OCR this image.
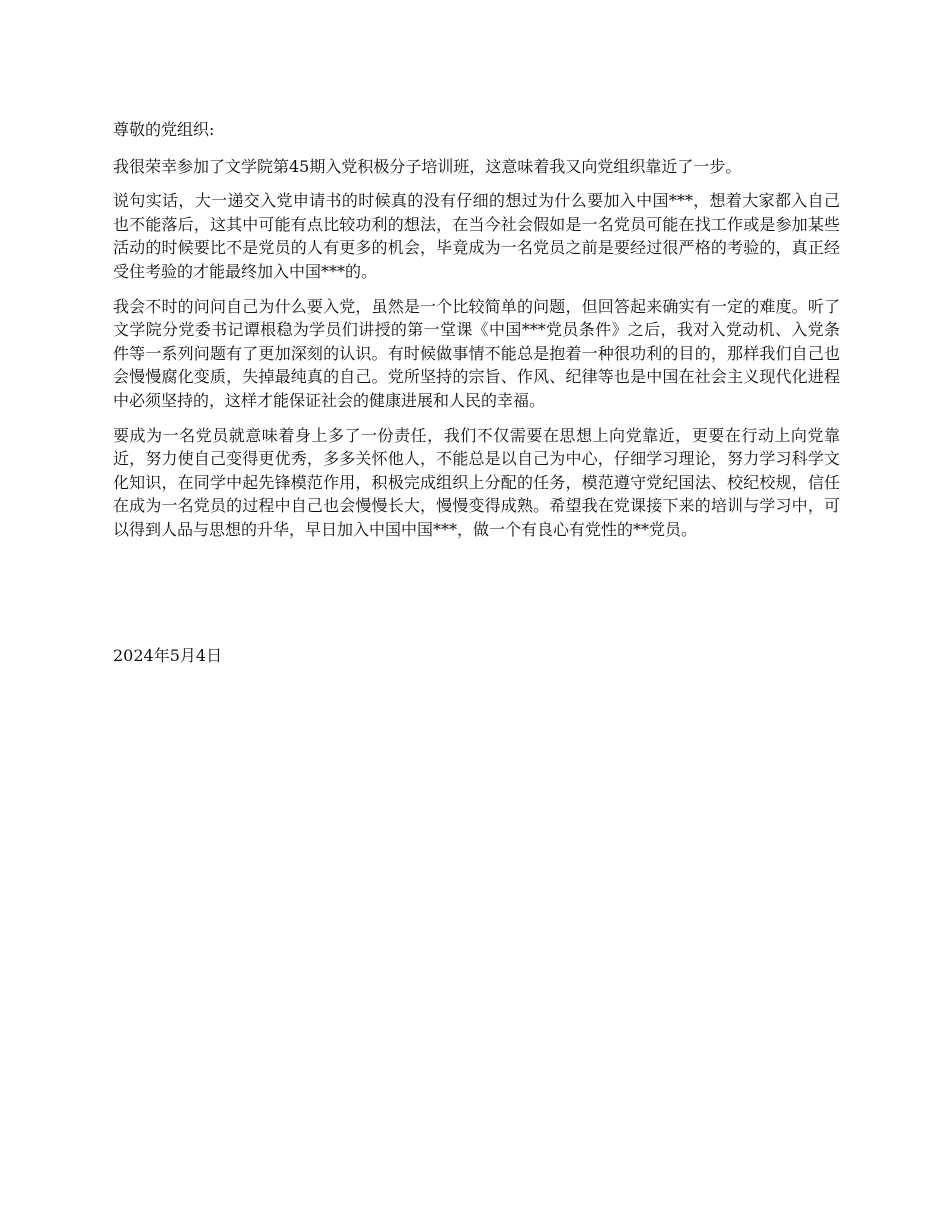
尊敬的党组织:

我很荣幸参加了文学院第45期入党积极分子培训班，这意味着我又向党组织靠近了一步。

说句实话，大一递交入党申请书的时候真的没有仔细的想过为什么要加入中国***，想着大家都入自己也不能落后，这其中可能有点比较功利的想法，在当今社会假如是一名党员可能在找工作或是参加某些活动的时候要比不是党员的人有更多的机会，毕竟成为一名党员之前是要经过很严格的考验的，真正经受住考验的才能最终加入中国***的。

我会不时的问问自己为什么要入党，虽然是一个比较简单的问题，但回答起来确实有一定的难度。听了文学院分党委书记谭根稳为学员们讲授的第一堂课《中国***党员条件》之后，我对入党动机、入党条件等一系列问题有了更加深刻的认识。有时候做事情不能总是抱着一种很功利的目的，那样我们自己也会慢慢腐化变质，失掉最纯真的自己。党所坚持的宗旨、作风、纪律等也是中国在社会主义现代化进程中必须坚持的，这样才能保证社会的健康进展和人民的幸福。

要成为一名党员就意味着身上多了一份责任，我们不仅需要在思想上向党靠近，更要在行动上向党靠近，努力使自己变得更优秀，多多关怀他人，不能总是以自己为中心，仔细学习理论，努力学习科学文化知识，在同学中起先锋模范作用，积极完成组织上分配的任务，模范遵守党纪国法、校纪校规，信任在成为一名党员的过程中自己也会慢慢长大，慢慢变得成熟。希望我在党课接下来的培训与学习中，可以得到人品与思想的升华，早日加入中国中国***，做一个有良心有党性的**党员。

2024年5月4日
